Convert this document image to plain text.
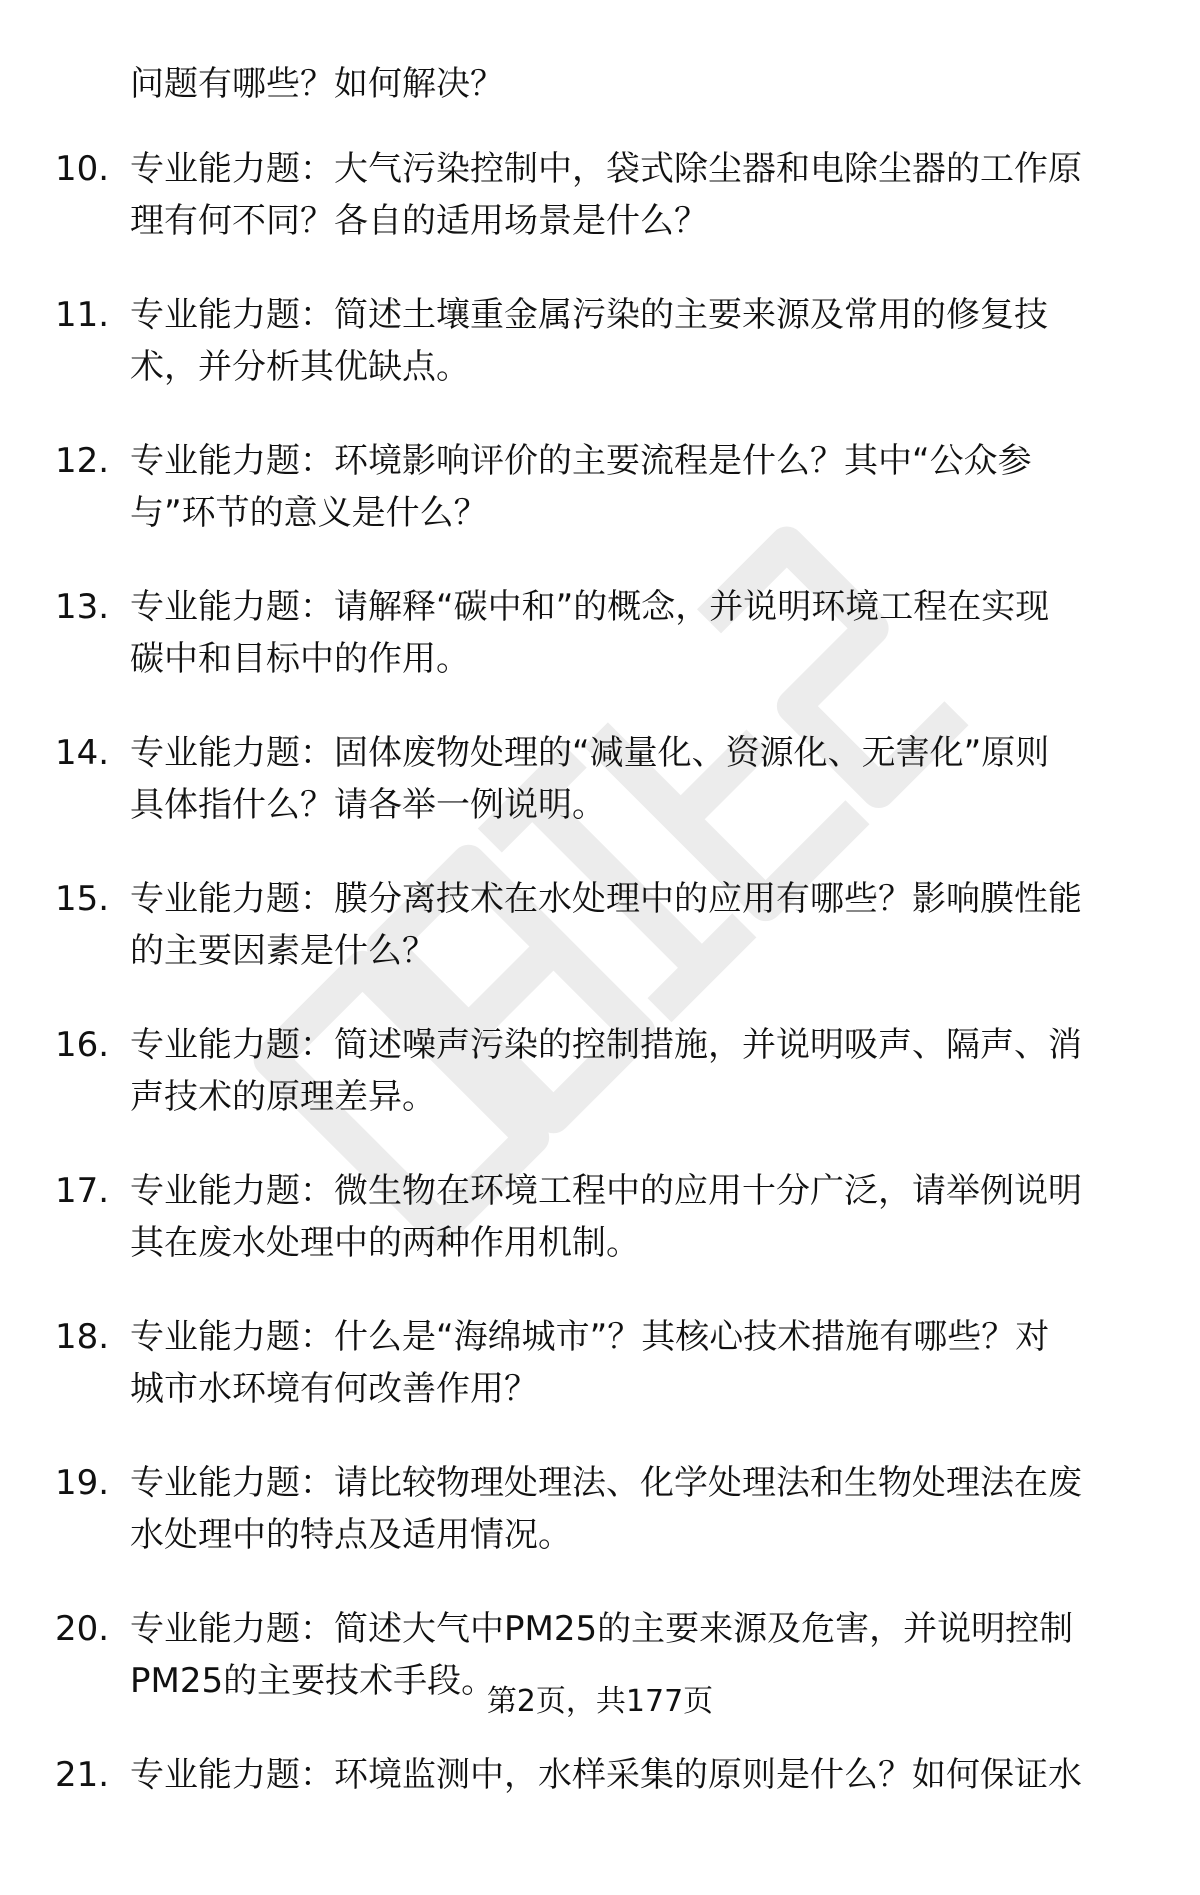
问题有哪些？如何解决？

10. 专业能力题：大气污染控制中，袋式除尘器和电除尘器的工作原
理有何不同？各自的适用场景是什么？

11. 专业能力题：简述土壤重金属污染的主要来源及常用的修复技
术，并分析其优缺点。

12. 专业能力题：环境影响评价的主要流程是什么？其中“公众参
与”环节的意义是什么？

13. 专业能力题：请解释“碳中和”的概念，并说明环境工程在实现
碳中和目标中的作用。

14. 专业能力题：固体废物处理的“减量化、资源化、无害化”原则
具体指什么？请各举一例说明。

15. 专业能力题：膜分离技术在水处理中的应用有哪些？影响膜性能
的主要因素是什么？

16. 专业能力题：简述噪声污染的控制措施，并说明吸声、隔声、消
声技术的原理差异。

17. 专业能力题：微生物在环境工程中的应用十分广泛，请举例说明
其在废水处理中的两种作用机制。

18. 专业能力题：什么是“海绵城市”？其核心技术措施有哪些？对
城市水环境有何改善作用？

19. 专业能力题：请比较物理处理法、化学处理法和生物处理法在废
水处理中的特点及适用情况。

20. 专业能力题：简述大气中PM25的主要来源及危害，并说明控制
PM25的主要技术手段。

21. 专业能力题：环境监测中，水样采集的原则是什么？如何保证水

第2页，共177页
